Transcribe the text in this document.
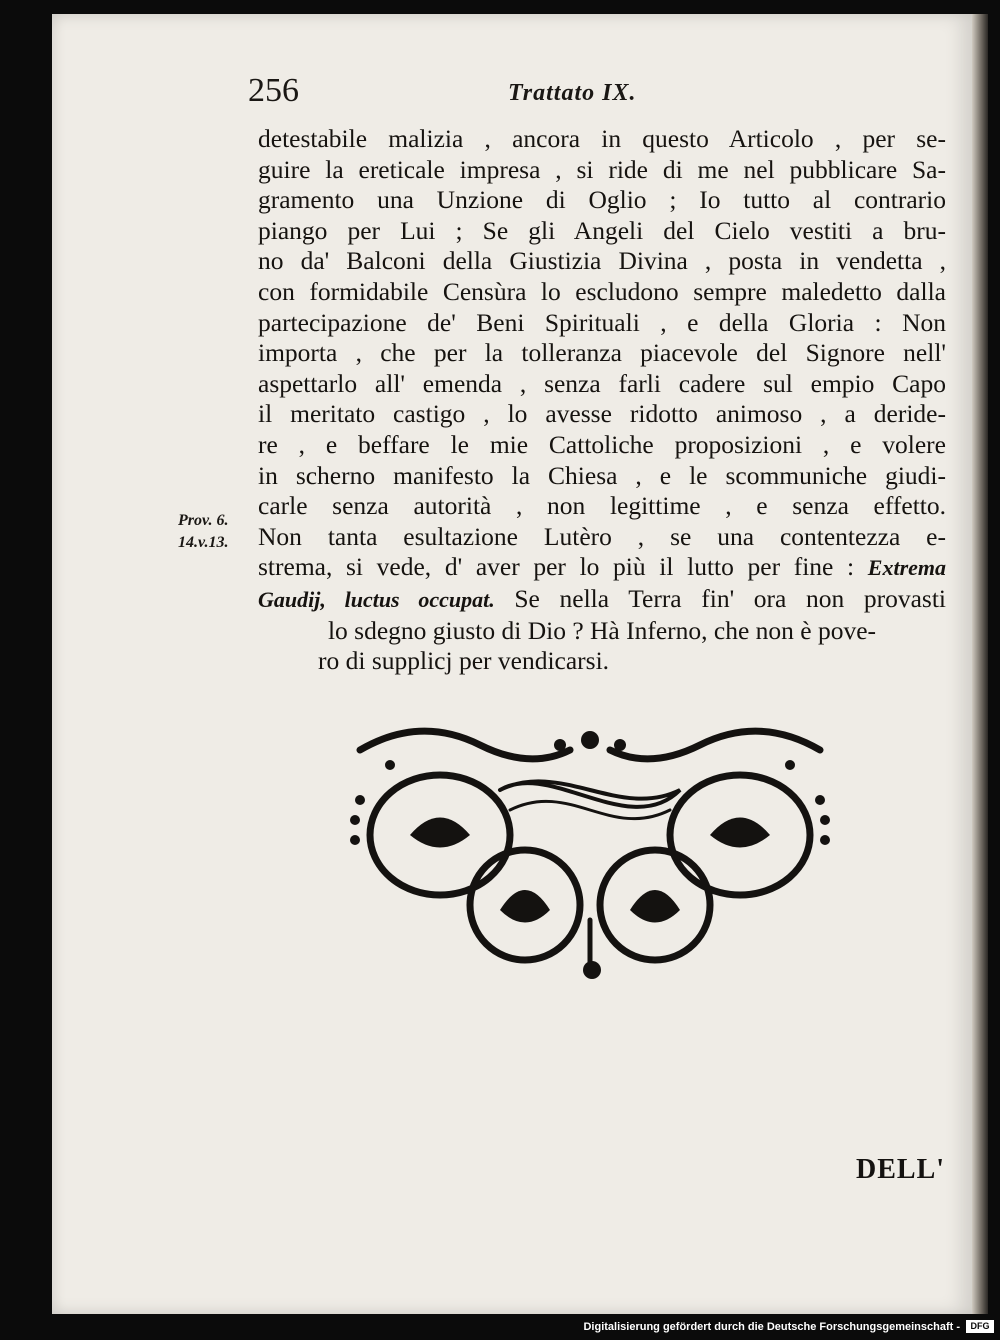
256	Trattato IX.
detestabile malizia , ancora in questo Articolo , per se-
guire la ereticale impresa , si ride di me nel pubblicare Sa-
gramento una Unzione di Oglio ; Io tutto al contrario
piango per Lui ; Se gli Angeli del Cielo vestiti a bru-
no da' Balconi della Giustizia Divina , posta in vendetta ,
con formidabile Censùra lo escludono sempre maledetto dalla
partecipazione de' Beni Spirituali , e della Gloria : Non
importa , che per la tolleranza piacevole del Signore nell'
aspettarlo all' emenda , senza farli cadere sul empio Capo
il meritato castigo , lo avesse ridotto animoso , a deride-
re , e beffare le mie Cattoliche proposizioni , e volere
in scherno manifesto la Chiesa , e le scommuniche giudi-
carle senza autorità , non legittime , e senza effetto.
Non tanta esultazione Lutèro , se una contentezza e-
strema, si vede, d' aver per lo più il lutto per fine : Extrema
Gaudij, luctus occupat. Se nella Terra fin' ora non provasti
lo sdegno giusto di Dio ? Hà Inferno, che non è pove-
ro di supplicj per vendicarsi.
Prov. 6.
14.v.13.
DELL'
Digitalisierung gefördert durch die Deutsche Forschungsgemeinschaft -	DFG
